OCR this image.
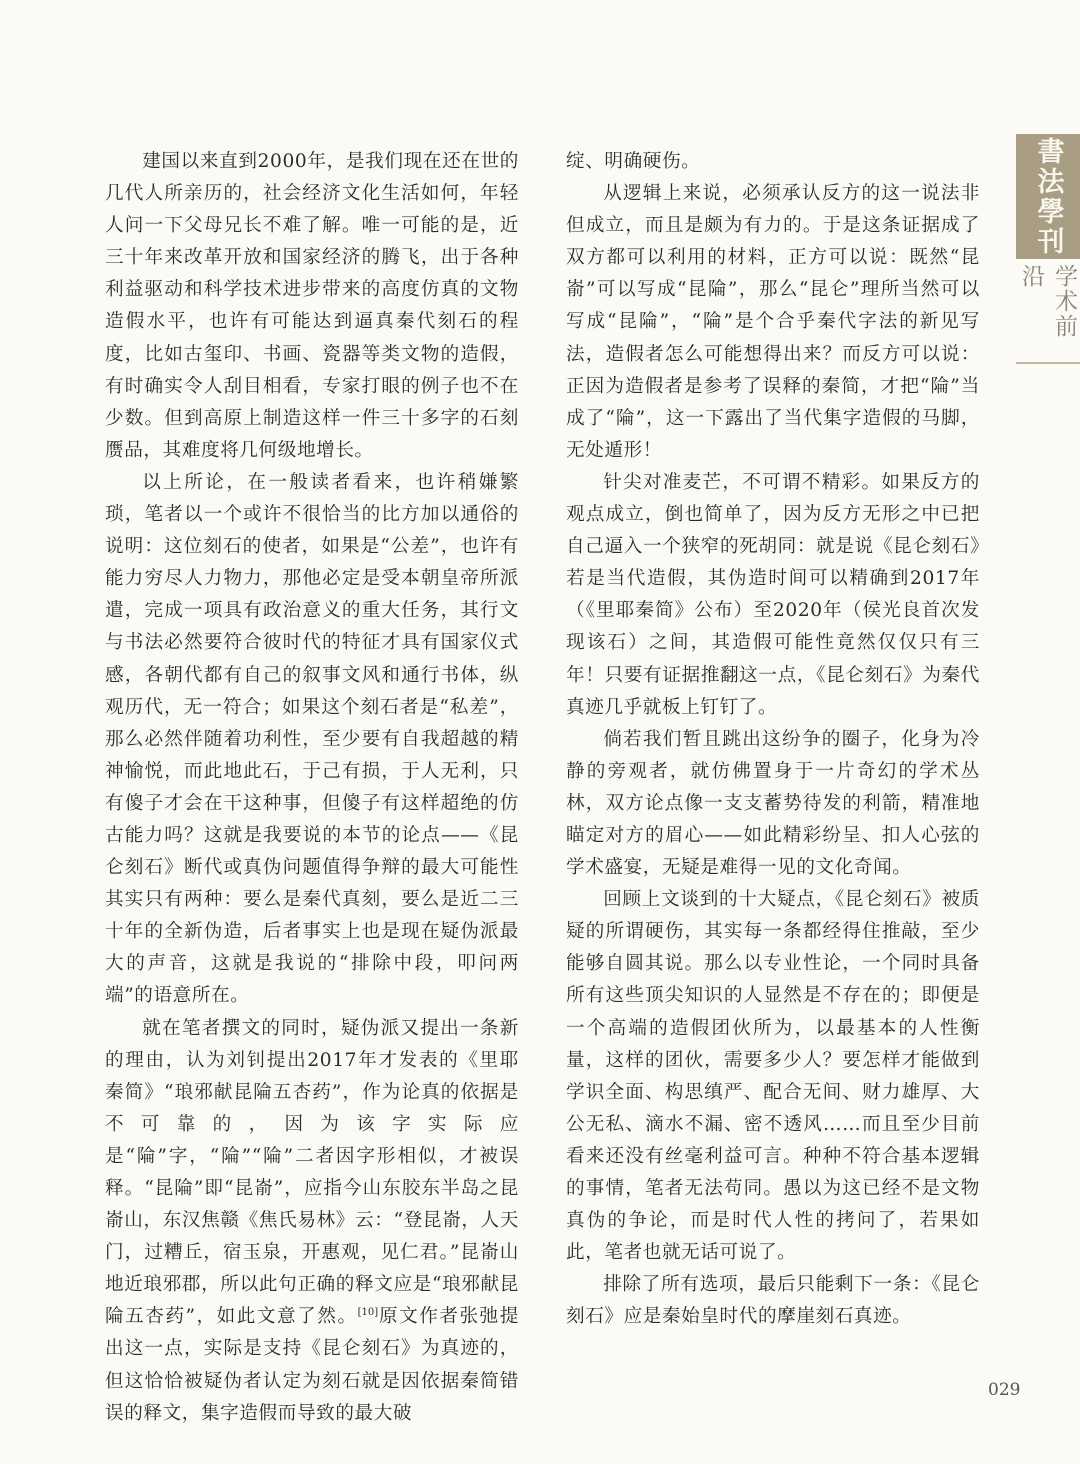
建国以来直到2000年，是我们现在还在世的几代人所亲历的，社会经济文化生活如何，年轻人问一下父母兄长不难了解。唯一可能的是，近三十年来改革开放和国家经济的腾飞，出于各种利益驱动和科学技术进步带来的高度仿真的文物造假水平，也许有可能达到逼真秦代刻石的程度，比如古玺印、书画、瓷器等类文物的造假，有时确实令人刮目相看，专家打眼的例子也不在少数。但到高原上制造这样一件三十多字的石刻赝品，其难度将几何级地增长。

以上所论，在一般读者看来，也许稍嫌繁琐，笔者以一个或许不很恰当的比方加以通俗的说明：这位刻石的使者，如果是“公差”，也许有能力穷尽人力物力，那他必定是受本朝皇帝所派遣，完成一项具有政治意义的重大任务，其行文与书法必然要符合彼时代的特征才具有国家仪式感，各朝代都有自己的叙事文风和通行书体，纵观历代，无一符合；如果这个刻石者是“私差”，那么必然伴随着功利性，至少要有自我超越的精神愉悦，而此地此石，于己有损，于人无利，只有傻子才会在干这种事，但傻子有这样超绝的仿古能力吗？这就是我要说的本节的论点——《昆仑刻石》断代或真伪问题值得争辩的最大可能性其实只有两种：要么是秦代真刻，要么是近二三十年的全新伪造，后者事实上也是现在疑伪派最大的声音，这就是我说的“排除中段，叩问两端”的语意所在。

就在笔者撰文的同时，疑伪派又提出一条新的理由，认为刘钊提出2017年才发表的《里耶秦简》“琅邪献昆陯五杏药”，作为论真的依据是不可靠的，因为该字实际应是“陯”字，“陯”“陯”二者因字形相似，才被误释。“昆陯”即“昆嵛”，应指今山东胶东半岛之昆嵛山，东汉焦赣《焦氏易林》云：“登昆嵛，人天门，过糟丘，宿玉泉，开惠观，见仁君。”昆嵛山地近琅邪郡，所以此句正确的释文应是“琅邪献昆陯五杏药”，如此文意了然。[10]原文作者张弛提出这一点，实际是支持《昆仑刻石》为真迹的，但这恰恰被疑伪者认定为刻石就是因依据秦简错误的释文，集字造假而导致的最大破

绽、明确硬伤。

从逻辑上来说，必须承认反方的这一说法非但成立，而且是颇为有力的。于是这条证据成了双方都可以利用的材料，正方可以说：既然“昆嵛”可以写成“昆陯”，那么“昆仑”理所当然可以写成“昆陯”，“陯”是个合乎秦代字法的新见写法，造假者怎么可能想得出来？而反方可以说：正因为造假者是参考了误释的秦简，才把“陯”当成了“陯”，这一下露出了当代集字造假的马脚，无处遁形！

针尖对准麦芒，不可谓不精彩。如果反方的观点成立，倒也简单了，因为反方无形之中已把自己逼入一个狭窄的死胡同：就是说《昆仑刻石》若是当代造假，其伪造时间可以精确到2017年（《里耶秦简》公布）至2020年（侯光良首次发现该石）之间，其造假可能性竟然仅仅只有三年！只要有证据推翻这一点，《昆仑刻石》为秦代真迹几乎就板上钉钉了。

倘若我们暂且跳出这纷争的圈子，化身为冷静的旁观者，就仿佛置身于一片奇幻的学术丛林，双方论点像一支支蓄势待发的利箭，精准地瞄定对方的眉心——如此精彩纷呈、扣人心弦的学术盛宴，无疑是难得一见的文化奇闻。

回顾上文谈到的十大疑点，《昆仑刻石》被质疑的所谓硬伤，其实每一条都经得住推敲，至少能够自圆其说。那么以专业性论，一个同时具备所有这些顶尖知识的人显然是不存在的；即便是一个高端的造假团伙所为，以最基本的人性衡量，这样的团伙，需要多少人？要怎样才能做到学识全面、构思缜严、配合无间、财力雄厚、大公无私、滴水不漏、密不透风……而且至少目前看来还没有丝毫利益可言。种种不符合基本逻辑的事情，笔者无法苟同。愚以为这已经不是文物真伪的争论，而是时代人性的拷问了，若果如此，笔者也就无话可说了。

排除了所有选项，最后只能剩下一条：《昆仑刻石》应是秦始皇时代的摩崖刻石真迹。

書法學刊
学术前沿
029
